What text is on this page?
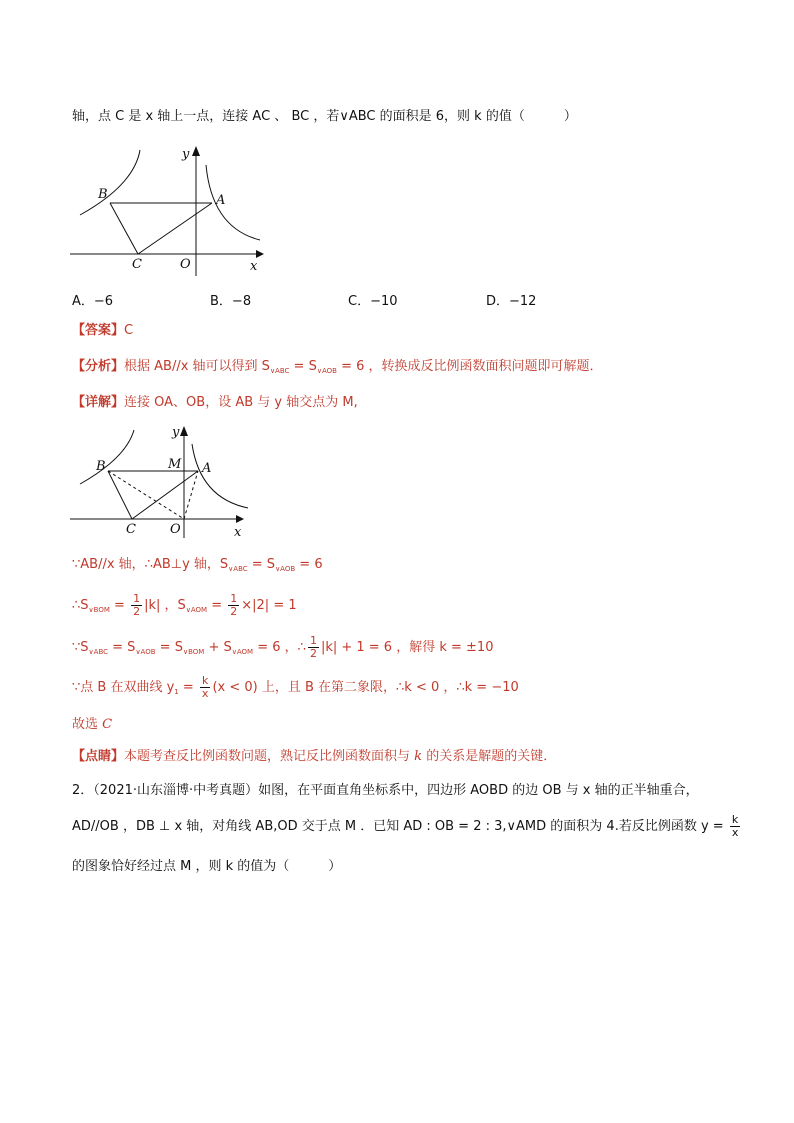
轴，点 C 是 x 轴上一点，连接 AC 、 BC ，若∨ABC 的面积是 6，则 k 的值（　　　）
y
B	A
C	O	x
A．−6	B．−8	C．−10	D．−12
【答案】C
【分析】根据 AB//x 轴可以得到 $S_{\vee ABC} = S_{\vee AOB} = 6$ ，转换成反比例函数面积问题即可解题．
【详解】连接 OA、OB，设 AB 与 y 轴交点为 M,
y
B	M A
C	O	x
∵AB//x 轴，∴AB⊥y 轴，$S_{\vee ABC} = S_{\vee AOB} = 6$
$\therefore S_{\vee BOM} = \frac{1}{2} |k|$ ，$S_{\vee AOM} = \frac{1}{2} \times|2| = 1$
$\because S_{\vee ABC} = S_{\vee AOB} = S_{\vee BOM} + S_{\vee AOM} = 6$ ，∴ $\frac{1}{2} |k| + 1 = 6$ ，解得 k = ±10
∵点 B 在双曲线 $y_1 = \frac{k}{x} (x < 0)$ 上，且 B 在第二象限，∴k < 0 ，∴k = −10
故选 C
【点睛】本题考查反比例函数问题，熟记反比例函数面积与 k 的关系是解题的关键．
2．（2021·山东淄博·中考真题）如图，在平面直角坐标系中，四边形 AOBD 的边 OB 与 x 轴的正半轴重合，
AD//OB ，DB ⊥ x 轴，对角线 AB,OD 交于点 M ．已知 AD : OB = 2 : 3,∨AMD 的面积为 4.若反比例函数 $y = \frac{k}{x}$
的图象恰好经过点 M ，则 k 的值为（　　　）
